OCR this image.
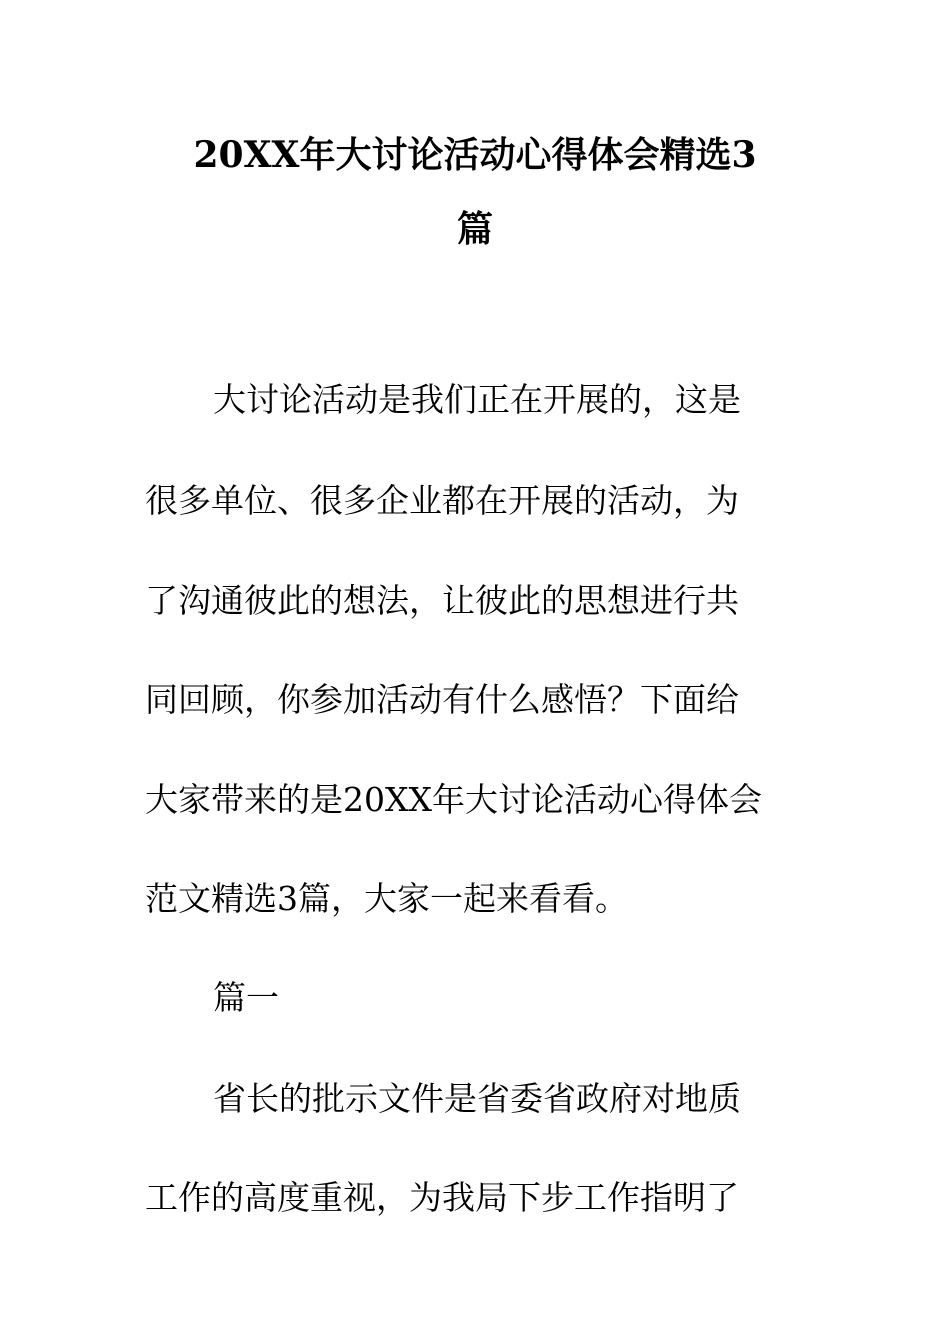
20XX年大讨论活动心得体会精选3
篇

大讨论活动是我们正在开展的，这是

很多单位、很多企业都在开展的活动，为

了沟通彼此的想法，让彼此的思想进行共

同回顾，你参加活动有什么感悟？下面给

大家带来的是20XX年大讨论活动心得体会

范文精选3篇，大家一起来看看。

篇一

省长的批示文件是省委省政府对地质

工作的高度重视，为我局下步工作指明了
